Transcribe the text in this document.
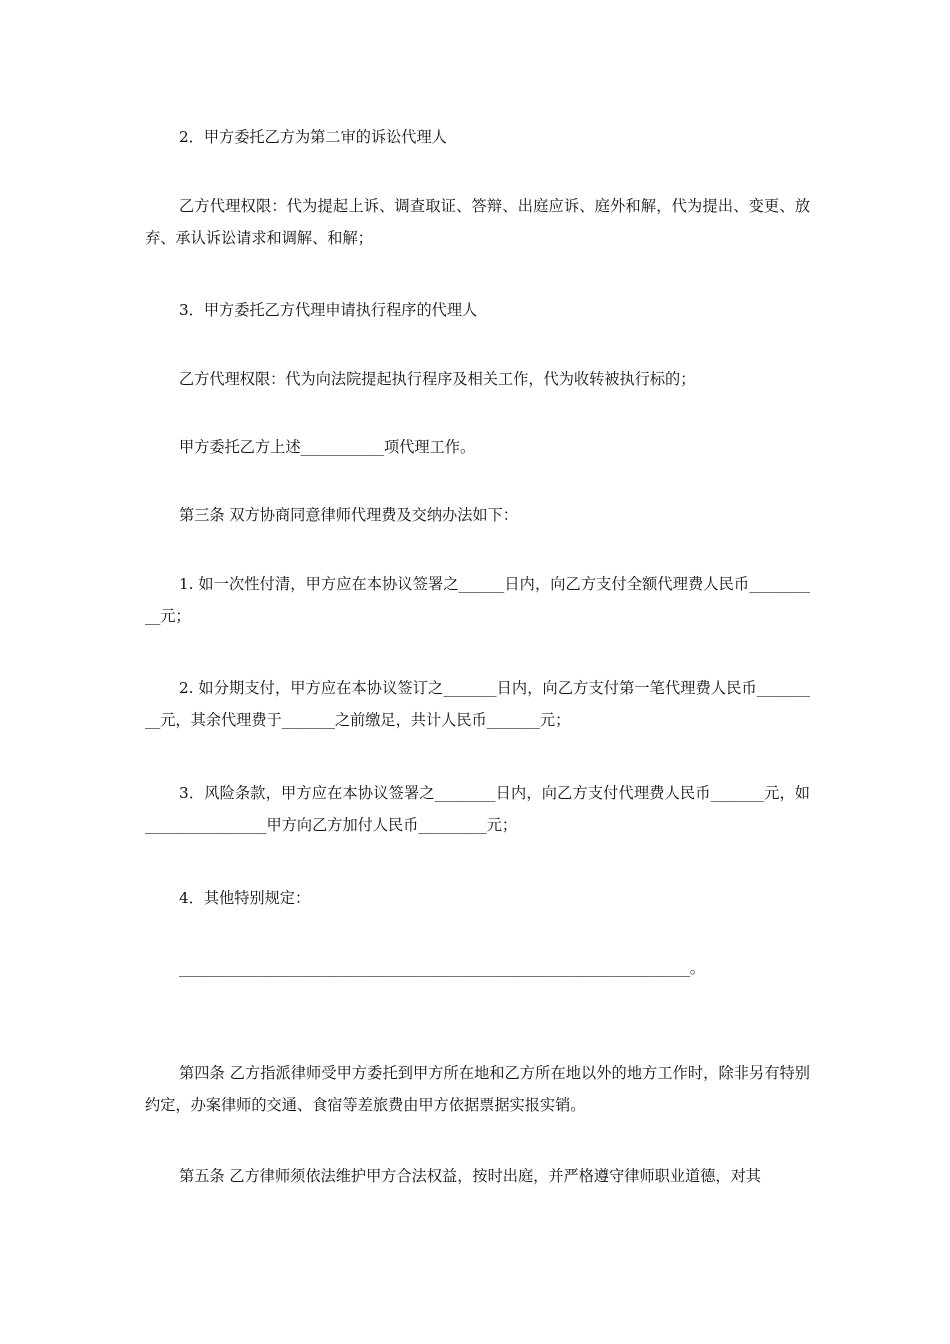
2．甲方委托乙方为第二审的诉讼代理人
乙方代理权限：代为提起上诉、调查取证、答辩、出庭应诉、庭外和解，代为提出、变更、放弃、承认诉讼请求和调解、和解；
3．甲方委托乙方代理申请执行程序的代理人
乙方代理权限：代为向法院提起执行程序及相关工作，代为收转被执行标的；
甲方委托乙方上述___________项代理工作。
第三条 双方协商同意律师代理费及交纳办法如下：
1. 如一次性付清，甲方应在本协议签署之______日内，向乙方支付全额代理费人民币__________元；
2. 如分期支付，甲方应在本协议签订之_______日内，向乙方支付第一笔代理费人民币_________元，其余代理费于_______之前缴足，共计人民币_______元；
3．风险条款，甲方应在本协议签署之________日内，向乙方支付代理费人民币_______元，如________________甲方向乙方加付人民币_________元；
4．其他特别规定：
________________________________________________________________________。
第四条 乙方指派律师受甲方委托到甲方所在地和乙方所在地以外的地方工作时，除非另有特别约定，办案律师的交通、食宿等差旅费由甲方依据票据实报实销。
第五条 乙方律师须依法维护甲方合法权益，按时出庭，并严格遵守律师职业道德，对其
